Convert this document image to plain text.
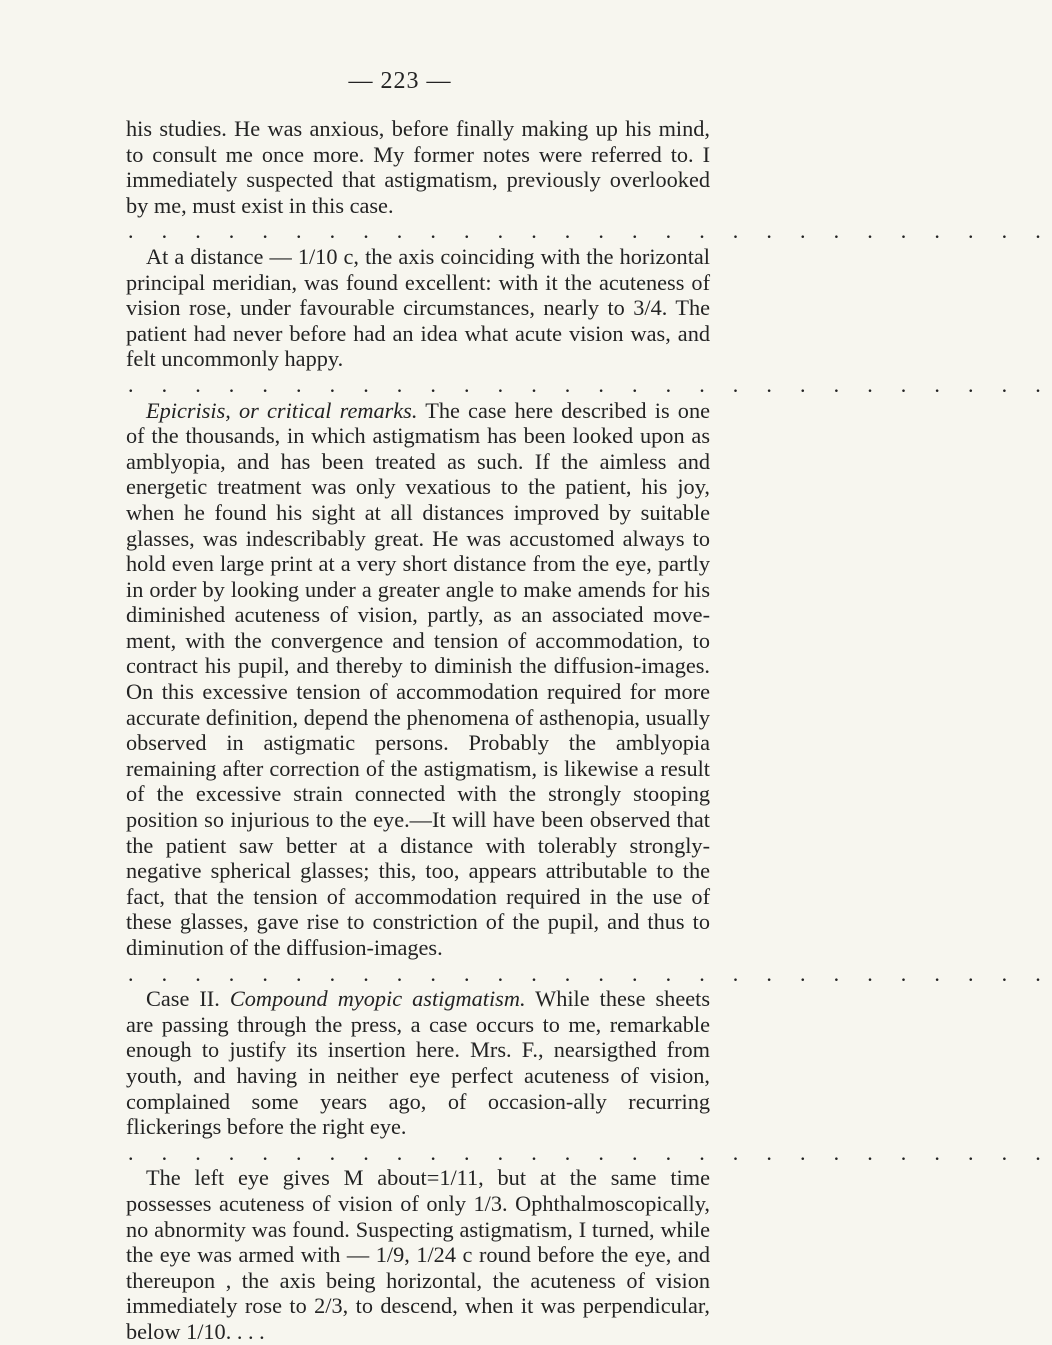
— 223 —

his studies. He was anxious, before finally making up his mind, to consult me once more. My former notes were referred to. I immediately suspected that astigmatism, previously overlooked by me, must exist in this case.

. . . . . . . . . . . . . . . . . . . . . . . . . . . .

At a distance — 1/10 c, the axis coinciding with the horizontal principal meridian, was found excellent: with it the acuteness of vision rose, under favourable circumstances, nearly to 3/4. The patient had never before had an idea what acute vision was, and felt uncommonly happy.

. . . . . . . . . . . . . . . . . . . . . . . . . . . .

Epicrisis, or critical remarks. The case here described is one of the thousands, in which astigmatism has been looked upon as amblyopia, and has been treated as such. If the aimless and energetic treatment was only vexatious to the patient, his joy, when he found his sight at all distances improved by suitable glasses, was indescribably great. He was accustomed always to hold even large print at a very short distance from the eye, partly in order by looking under a greater angle to make amends for his diminished acuteness of vision, partly, as an associated move-ment, with the convergence and tension of accommodation, to contract his pupil, and thereby to diminish the diffusion-images. On this excessive tension of accommodation required for more accurate definition, depend the phenomena of asthenopia, usually observed in astigmatic persons. Probably the amblyopia remaining after correction of the astigmatism, is likewise a result of the excessive strain connected with the strongly stooping position so injurious to the eye.—It will have been observed that the patient saw better at a distance with tolerably strongly-negative spherical glasses; this, too, appears attributable to the fact, that the tension of accommodation required in the use of these glasses, gave rise to constriction of the pupil, and thus to diminution of the diffusion-images.

. . . . . . . . . . . . . . . . . . . . . . . . . . . .

Case II. Compound myopic astigmatism. While these sheets are passing through the press, a case occurs to me, remarkable enough to justify its insertion here. Mrs. F., nearsigthed from youth, and having in neither eye perfect acuteness of vision, complained some years ago, of occasion-ally recurring flickerings before the right eye.

. . . . . . . . . . . . . . . . . . . . . . . . . . . .

The left eye gives M about=1/11, but at the same time possesses acuteness of vision of only 1/3. Ophthalmoscopically, no abnormity was found. Suspecting astigmatism, I turned, while the eye was armed with — 1/9, 1/24 c round before the eye, and thereupon , the axis being horizontal, the acuteness of vision immediately rose to 2/3, to descend, when it was perpendicular, below 1/10. . . .
